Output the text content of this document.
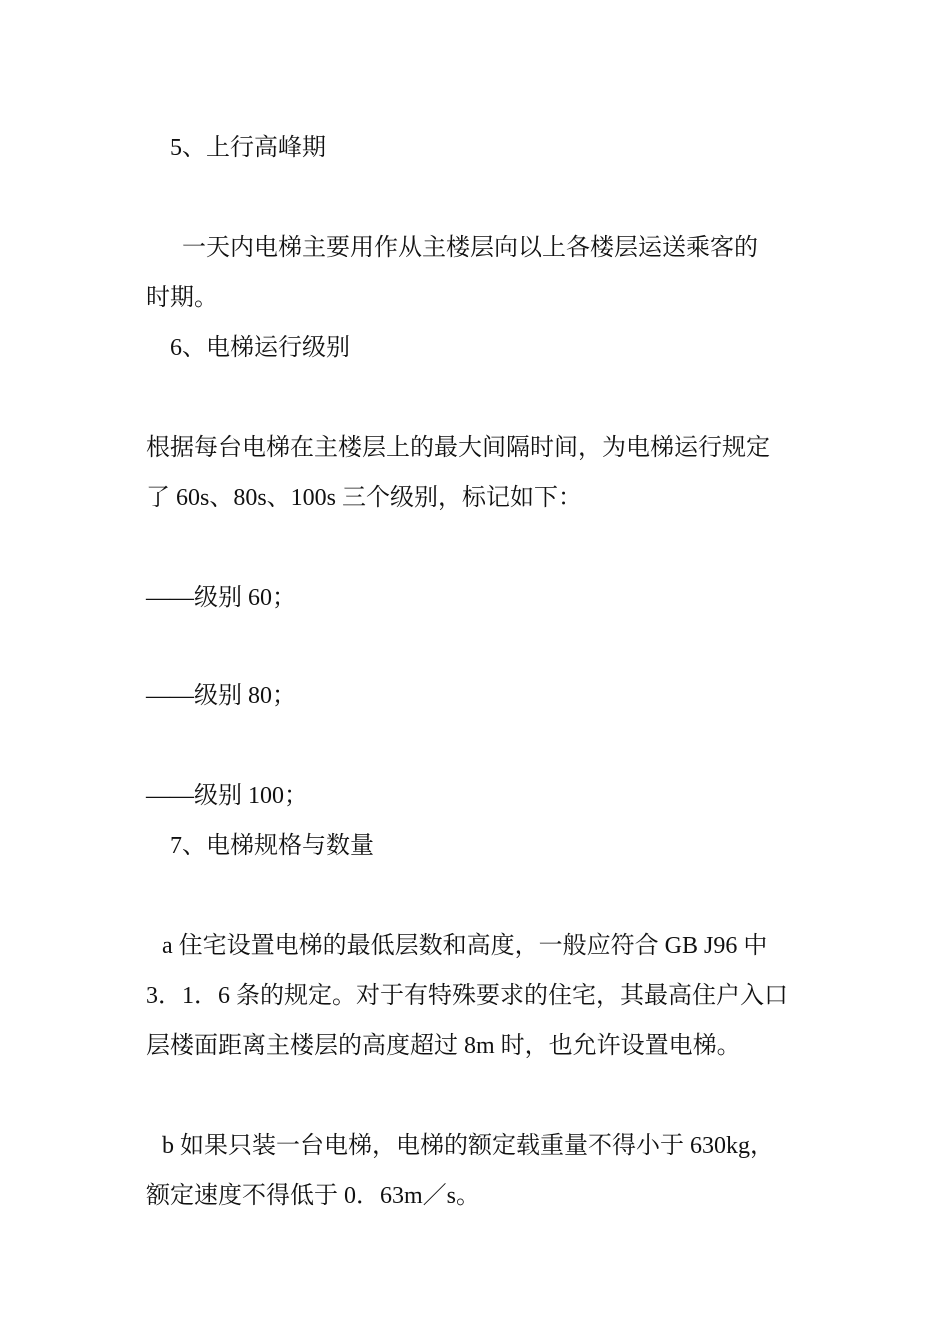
5、上行高峰期
一天内电梯主要用作从主楼层向以上各楼层运送乘客的
时期。
6、电梯运行级别
根据每台电梯在主楼层上的最大间隔时间，为电梯运行规定
了 60s、80s、100s 三个级别，标记如下：
——级别 60；
——级别 80；
——级别 100；
7、电梯规格与数量
a 住宅设置电梯的最低层数和高度，一般应符合 GB J96 中
3．1．6 条的规定。对于有特殊要求的住宅，其最高住户入口
层楼面距离主楼层的高度超过 8m 时，也允许设置电梯。
b 如果只装一台电梯，电梯的额定载重量不得小于 630kg，
额定速度不得低于 0．63m／s。
